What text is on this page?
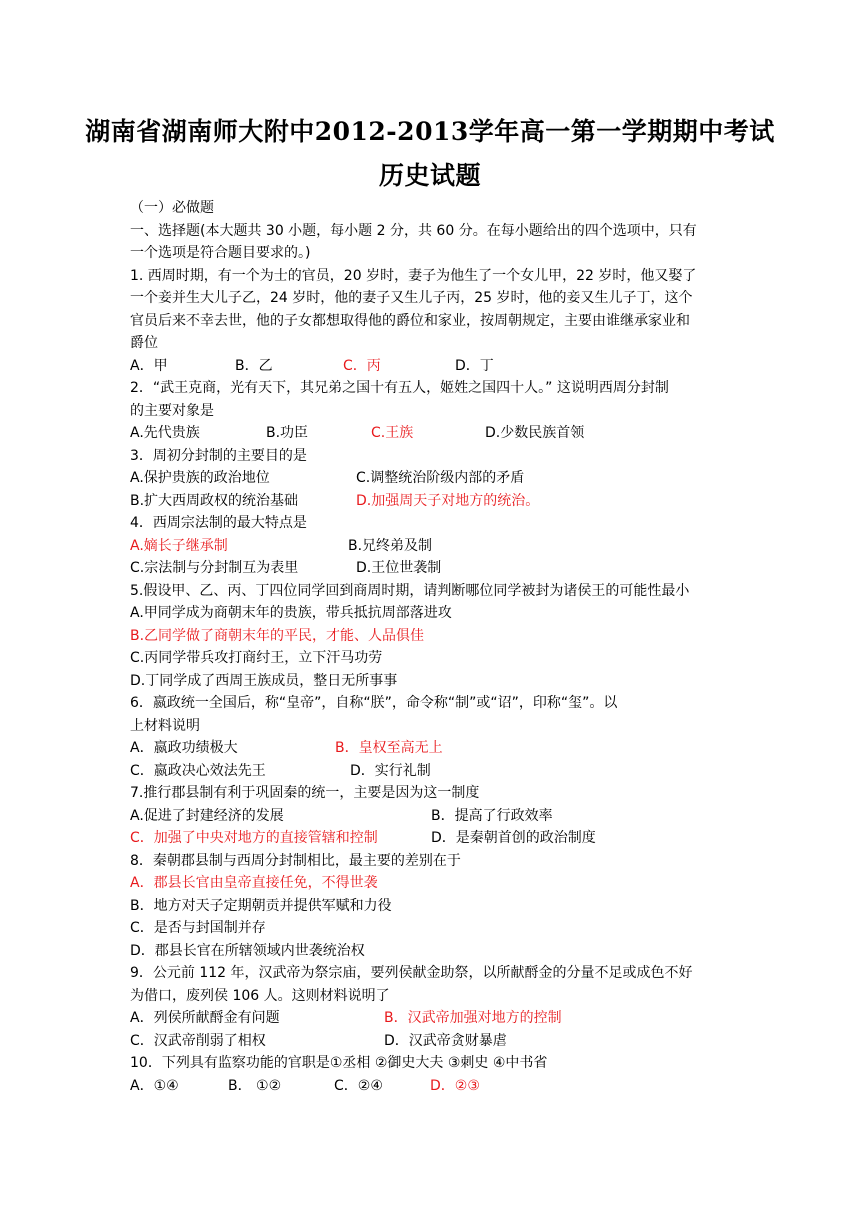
湖南省湖南师大附中2012-2013学年高一第一学期期中考试
历史试题
（一）必做题
一、选择题(本大题共 30 小题，每小题 2 分，共 60 分。在每小题给出的四个选项中，只有
一个选项是符合题目要求的。)
1. 西周时期，有一个为士的官员，20 岁时，妻子为他生了一个女儿甲，22 岁时，他又娶了
一个妾并生大儿子乙，24 岁时，他的妻子又生儿子丙，25 岁时，他的妾又生儿子丁，这个
官员后来不幸去世，他的子女都想取得他的爵位和家业，按周朝规定，主要由谁继承家业和
爵位
A．甲	B．乙	C．丙	D．丁
2．“武王克商，光有天下，其兄弟之国十有五人，姬姓之国四十人。” 这说明西周分封制
的主要对象是
A.先代贵族	B.功臣	C.王族	D.少数民族首领
3．周初分封制的主要目的是
A.保护贵族的政治地位	C.调整统治阶级内部的矛盾
B.扩大西周政权的统治基础	D.加强周天子对地方的统治。
4．西周宗法制的最大特点是
A.嫡长子继承制	B.兄终弟及制
C.宗法制与分封制互为表里	D.王位世袭制
5.假设甲、乙、丙、丁四位同学回到商周时期，请判断哪位同学被封为诸侯王的可能性最小
A.甲同学成为商朝末年的贵族，带兵抵抗周部落进攻
B.乙同学做了商朝末年的平民，才能、人品俱佳
C.丙同学带兵攻打商纣王，立下汗马功劳
D.丁同学成了西周王族成员，整日无所事事
6．嬴政统一全国后，称“皇帝”，自称“朕”，命令称“制”或“诏”，印称“玺”。以
上材料说明
A．嬴政功绩极大	B．皇权至高无上
C．嬴政决心效法先王	D．实行礼制
7.推行郡县制有利于巩固秦的统一，主要是因为这一制度
A.促进了封建经济的发展	B．提高了行政效率
C．加强了中央对地方的直接管辖和控制	D．是秦朝首创的政治制度
8．秦朝郡县制与西周分封制相比，最主要的差别在于
A．郡县长官由皇帝直接任免，不得世袭
B．地方对天子定期朝贡并提供军赋和力役
C．是否与封国制并存
D．郡县长官在所辖领域内世袭统治权
9．公元前 112 年，汉武帝为祭宗庙，要列侯献金助祭，以所献酹金的分量不足或成色不好
为借口，废列侯 106 人。这则材料说明了
A．列侯所献酹金有问题	B．汉武帝加强对地方的控制
C．汉武帝削弱了相权	D．汉武帝贪财暴虐
10．下列具有监察功能的官职是①丞相 ②御史大夫 ③刺史 ④中书省
A．①④	B． ①②	C．②④	D．②③
